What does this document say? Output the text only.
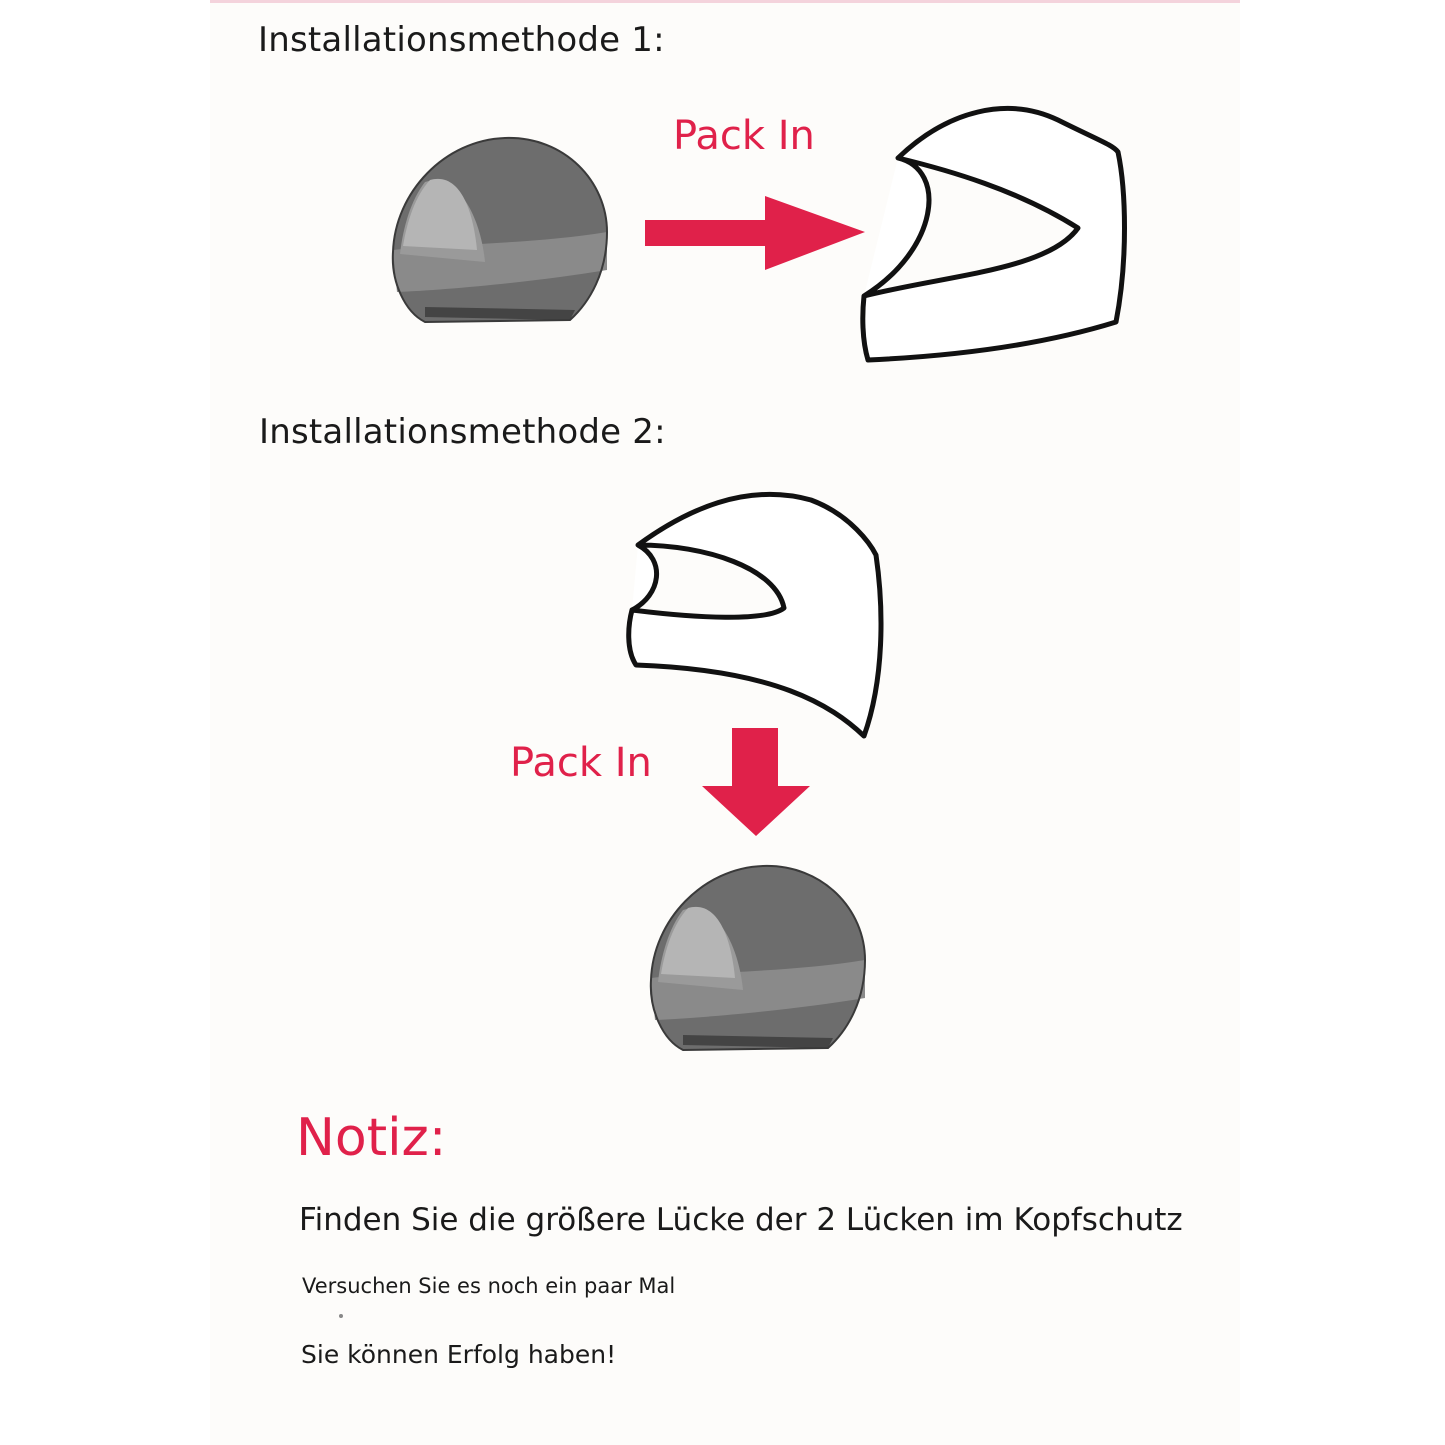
Installationsmethode 1:
Pack In
Installationsmethode 2:
Pack In
Notiz:
Finden Sie die größere Lücke der 2 Lücken im Kopfschutz
Versuchen Sie es noch ein paar Mal
Sie können Erfolg haben!
